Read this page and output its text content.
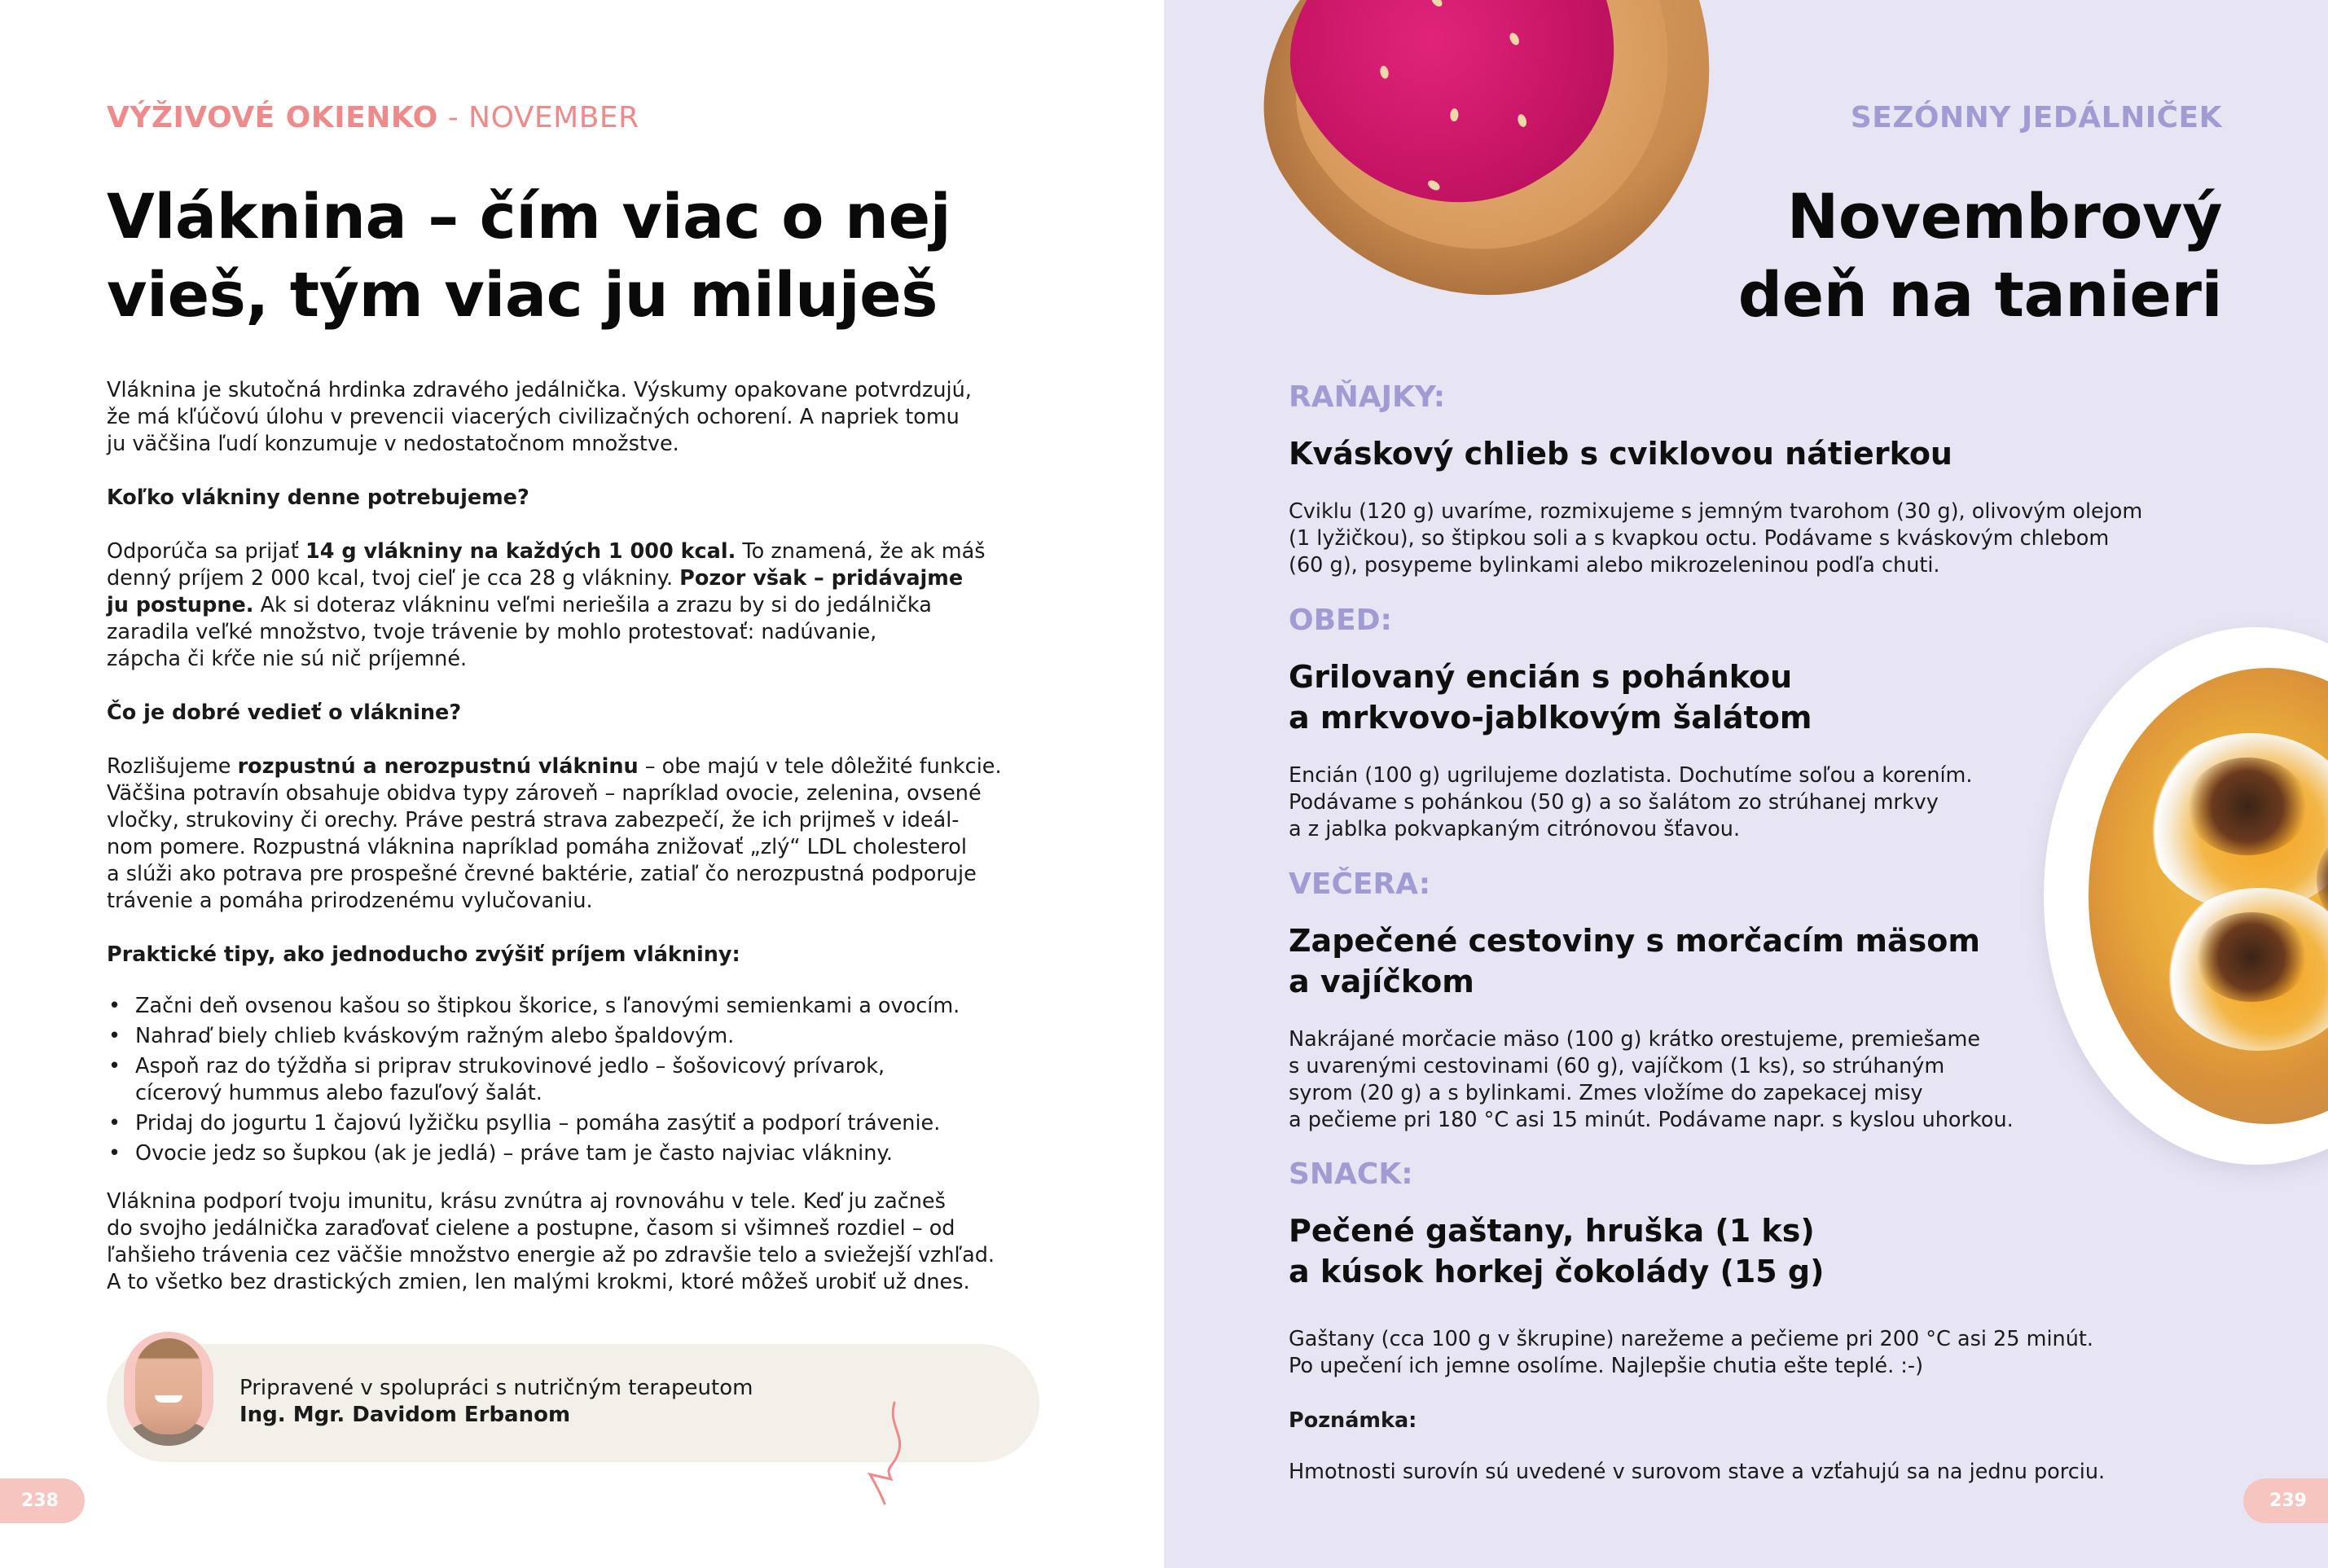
VÝŽIVOVÉ OKIENKO - NOVEMBER
Vláknina – čím viac o nej
vieš, tým viac ju miluješ

Vláknina je skutočná hrdinka zdravého jedálnička. Výskumy opakovane potvrdzujú,

že má kľúčovú úlohu v prevencii viacerých civilizačných ochorení. A napriek tomu

ju väčšina ľudí konzumuje v nedostatočnom množstve.

Koľko vlákniny denne potrebujeme?

Odporúča sa prijať 14 g vlákniny na každých 1 000 kcal. To znamená, že ak máš

denný príjem 2 000 kcal, tvoj cieľ je cca 28 g vlákniny. Pozor však – pridávajme

ju postupne. Ak si doteraz vlákninu veľmi neriešila a zrazu by si do jedálnička

zaradila veľké množstvo, tvoje trávenie by mohlo protestovať: nadúvanie,

zápcha či kŕče nie sú nič príjemné.

Čo je dobré vedieť o vláknine?

Rozlišujeme rozpustnú a nerozpustnú vlákninu – obe majú v tele dôležité funkcie.

Väčšina potravín obsahuje obidva typy zároveň – napríklad ovocie, zelenina, ovsené

vločky, strukoviny či orechy. Práve pestrá strava zabezpečí, že ich prijmeš v ideál-

nom pomere. Rozpustná vláknina napríklad pomáha znižovať „zlý“ LDL cholesterol

a slúži ako potrava pre prospešné črevné baktérie, zatiaľ čo nerozpustná podporuje

trávenie a pomáha prirodzenému vylučovaniu.

Praktické tipy, ako jednoducho zvýšiť príjem vlákniny:

• Začni deň ovsenou kašou so štipkou škorice, s ľanovými semienkami a ovocím.
• Nahraď biely chlieb kváskovým ražným alebo špaldovým.
• Aspoň raz do týždňa si priprav strukovinové jedlo – šošovicový prívarok, cícerový hummus alebo fazuľový šalát.
• Pridaj do jogurtu 1 čajovú lyžičku psyllia – pomáha zasýtiť a podporí trávenie.
• Ovocie jedz so šupkou (ak je jedlá) – práve tam je často najviac vlákniny.

Vláknina podporí tvoju imunitu, krásu zvnútra aj rovnováhu v tele. Keď ju začneš

do svojho jedálnička zaraďovať cielene a postupne, časom si všimneš rozdiel – od

ľahšieho trávenia cez väčšie množstvo energie až po zdravšie telo a sviežejší vzhľad.

A to všetko bez drastických zmien, len malými krokmi, ktoré môžeš urobiť už dnes.

Pripravené v spolupráci s nutričným terapeutom
Ing. Mgr. Davidom Erbanom
238
SEZÓNNY JEDÁLNIČEK
Novembrový
deň na tanieri
RAŇAJKY:
Kváskový chlieb s cviklovou nátierkou
Cviklu (120 g) uvaríme, rozmixujeme s jemným tvarohom (30 g), olivovým olejom
(1 lyžičkou), so štipkou soli a s kvapkou octu. Podávame s kváskovým chlebom
(60 g), posypeme bylinkami alebo mikrozeleninou podľa chuti.
OBED:
Grilovaný encián s pohánkou
a mrkvovo-jablkovým šalátom
Encián (100 g) ugrilujeme dozlatista. Dochutíme soľou a korením.
Podávame s pohánkou (50 g) a so šalátom zo strúhanej mrkvy
a z jablka pokvapkaným citrónovou šťavou.
VEČERA:
Zapečené cestoviny s morčacím mäsom
a vajíčkom
Nakrájané morčacie mäso (100 g) krátko orestujeme, premiešame
s uvarenými cestovinami (60 g), vajíčkom (1 ks), so strúhaným
syrom (20 g) a s bylinkami. Zmes vložíme do zapekacej misy
a pečieme pri 180 °C asi 15 minút. Podávame napr. s kyslou uhorkou.
SNACK:
Pečené gaštany, hruška (1 ks)
a kúsok horkej čokolády (15 g)
Gaštany (cca 100 g v škrupine) narežeme a pečieme pri 200 °C asi 25 minút.
Po upečení ich jemne osolíme. Najlepšie chutia ešte teplé. :-)
Poznámka:
Hmotnosti surovín sú uvedené v surovom stave a vzťahujú sa na jednu porciu.
239
